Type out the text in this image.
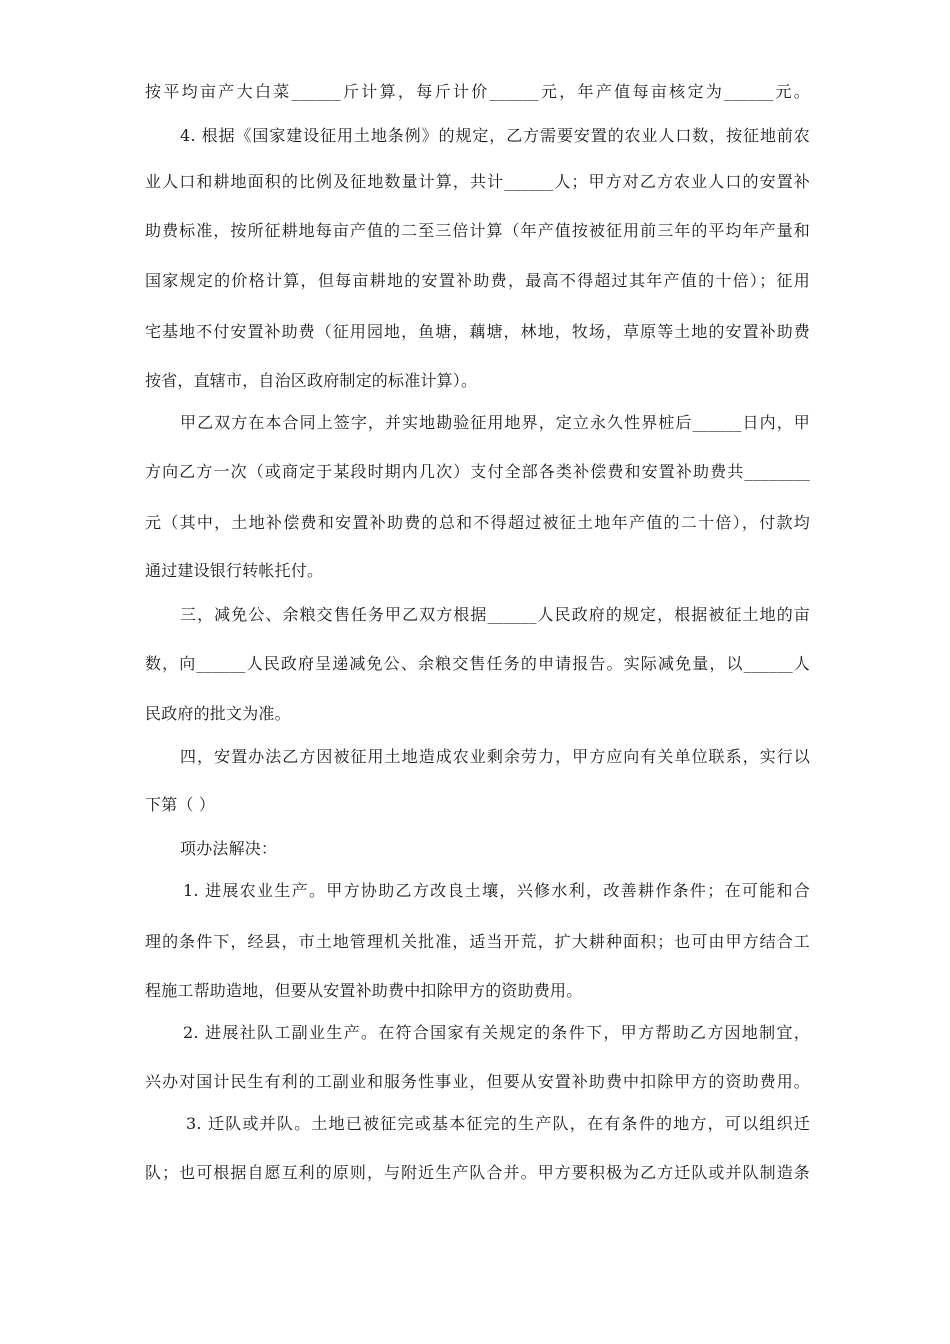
按平均亩产大白菜______斤计算，每斤计价______元，年产值每亩核定为______元。
4. 根据《国家建设征用土地条例》的规定，乙方需要安置的农业人口数，按征地前农
业人口和耕地面积的比例及征地数量计算，共计______人；甲方对乙方农业人口的安置补
助费标准，按所征耕地每亩产值的二至三倍计算（年产值按被征用前三年的平均年产量和
国家规定的价格计算，但每亩耕地的安置补助费，最高不得超过其年产值的十倍）；征用
宅基地不付安置补助费（征用园地，鱼塘，藕塘，林地，牧场，草原等土地的安置补助费
按省，直辖市，自治区政府制定的标准计算）。
甲乙双方在本合同上签字，并实地勘验征用地界，定立永久性界桩后______日内，甲
方向乙方一次（或商定于某段时期内几次）支付全部各类补偿费和安置补助费共________
元（其中，土地补偿费和安置补助费的总和不得超过被征土地年产值的二十倍），付款均
通过建设银行转帐托付。
三，减免公、余粮交售任务甲乙双方根据______人民政府的规定，根据被征土地的亩
数，向______人民政府呈递减免公、余粮交售任务的申请报告。实际减免量，以______人
民政府的批文为准。
四，安置办法乙方因被征用土地造成农业剩余劳力，甲方应向有关单位联系，实行以
下第（ ）
项办法解决：
1. 进展农业生产。甲方协助乙方改良土壤，兴修水利，改善耕作条件；在可能和合
理的条件下，经县，市土地管理机关批准，适当开荒，扩大耕种面积；也可由甲方结合工
程施工帮助造地，但要从安置补助费中扣除甲方的资助费用。
2. 进展社队工副业生产。在符合国家有关规定的条件下，甲方帮助乙方因地制宜，
兴办对国计民生有利的工副业和服务性事业，但要从安置补助费中扣除甲方的资助费用。
3. 迁队或并队。土地已被征完或基本征完的生产队，在有条件的地方，可以组织迁
队；也可根据自愿互利的原则，与附近生产队合并。甲方要积极为乙方迁队或并队制造条
